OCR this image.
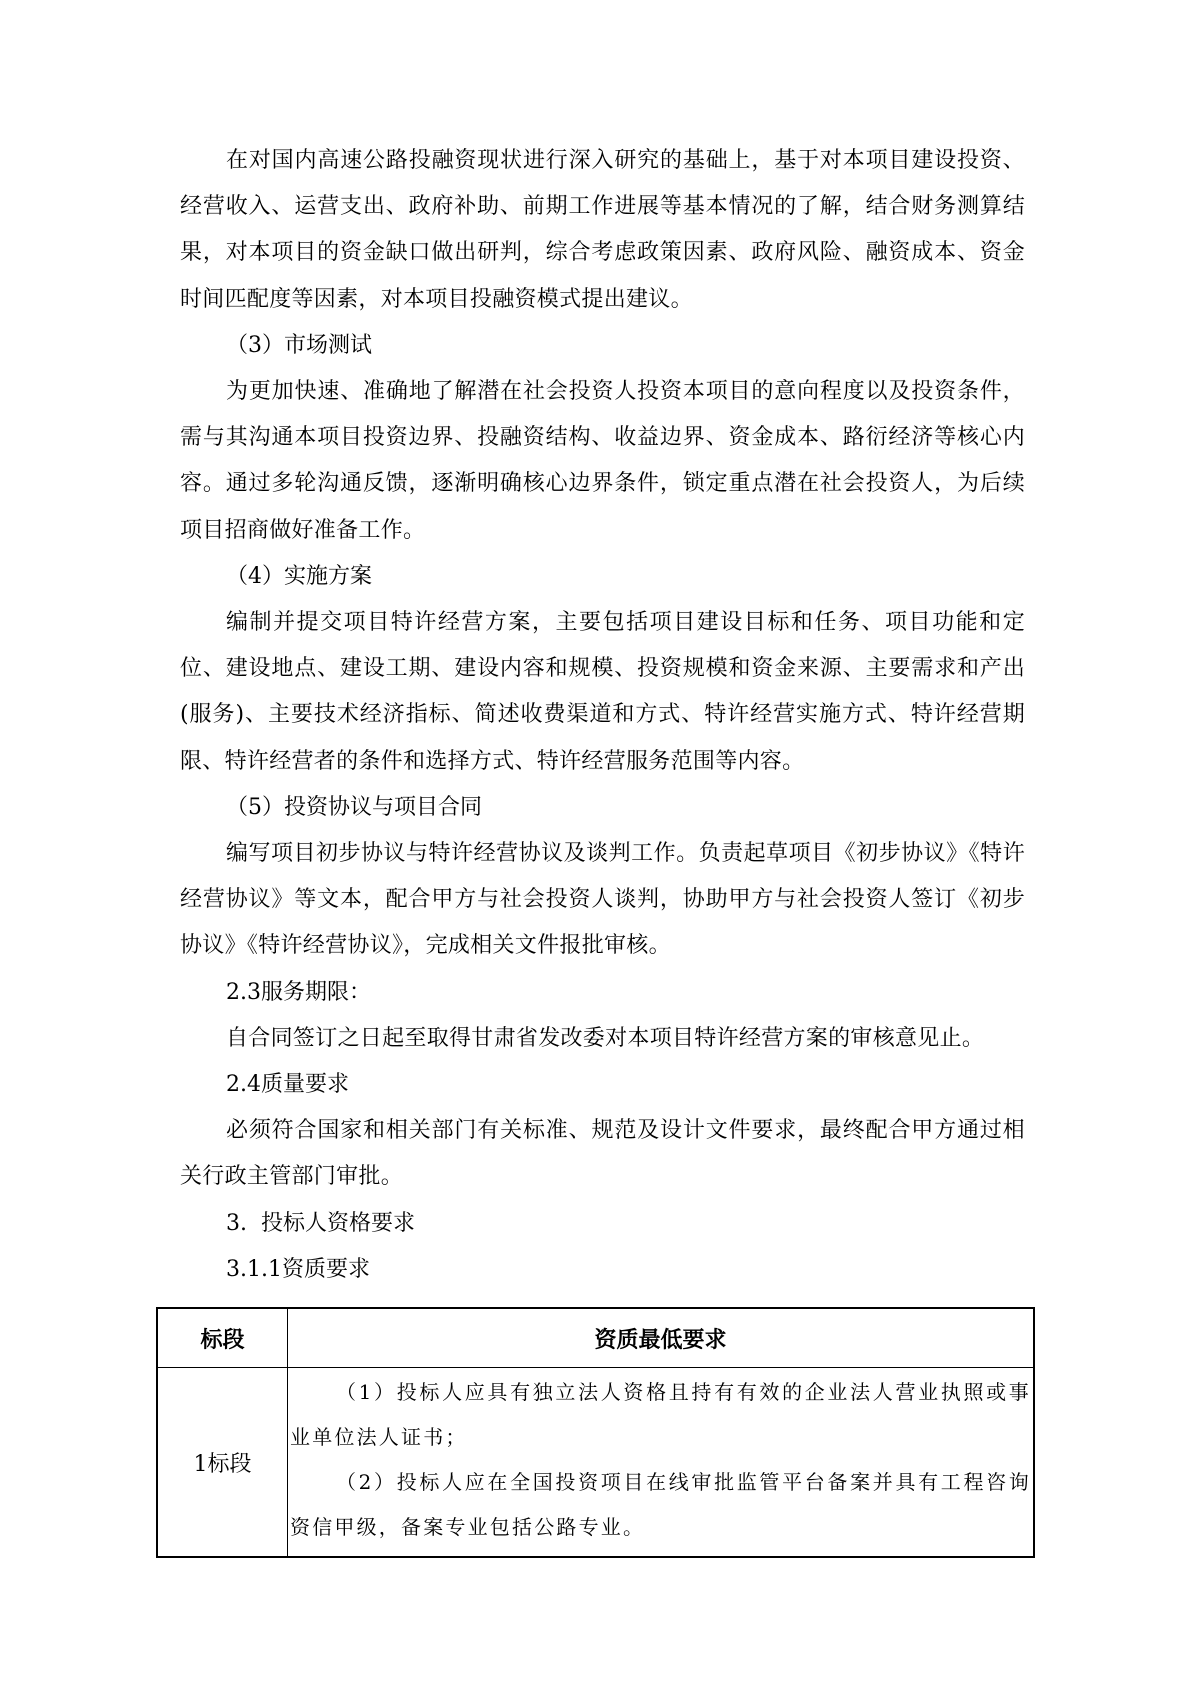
在对国内高速公路投融资现状进行深入研究的基础上，基于对本项目建设投资、经营收入、运营支出、政府补助、前期工作进展等基本情况的了解，结合财务测算结果，对本项目的资金缺口做出研判，综合考虑政策因素、政府风险、融资成本、资金时间匹配度等因素，对本项目投融资模式提出建议。

（3）市场测试

为更加快速、准确地了解潜在社会投资人投资本项目的意向程度以及投资条件，需与其沟通本项目投资边界、投融资结构、收益边界、资金成本、路衍经济等核心内容。通过多轮沟通反馈，逐渐明确核心边界条件，锁定重点潜在社会投资人，为后续项目招商做好准备工作。

（4）实施方案

编制并提交项目特许经营方案，主要包括项目建设目标和任务、项目功能和定位、建设地点、建设工期、建设内容和规模、投资规模和资金来源、主要需求和产出(服务)、主要技术经济指标、简述收费渠道和方式、特许经营实施方式、特许经营期限、特许经营者的条件和选择方式、特许经营服务范围等内容。

（5）投资协议与项目合同

编写项目初步协议与特许经营协议及谈判工作。负责起草项目《初步协议》《特许经营协议》等文本，配合甲方与社会投资人谈判，协助甲方与社会投资人签订《初步协议》《特许经营协议》，完成相关文件报批审核。

2.3服务期限：

自合同签订之日起至取得甘肃省发改委对本项目特许经营方案的审核意见止。

2.4质量要求

必须符合国家和相关部门有关标准、规范及设计文件要求，最终配合甲方通过相关行政主管部门审批。

3.  投标人资格要求

3.1.1资质要求

标段	资质最低要求
1标段	（1）投标人应具有独立法人资格且持有有效的企业法人营业执照或事业单位法人证书；

（2）投标人应在全国投资项目在线审批监管平台备案并具有工程咨询资信甲级，备案专业包括公路专业。
